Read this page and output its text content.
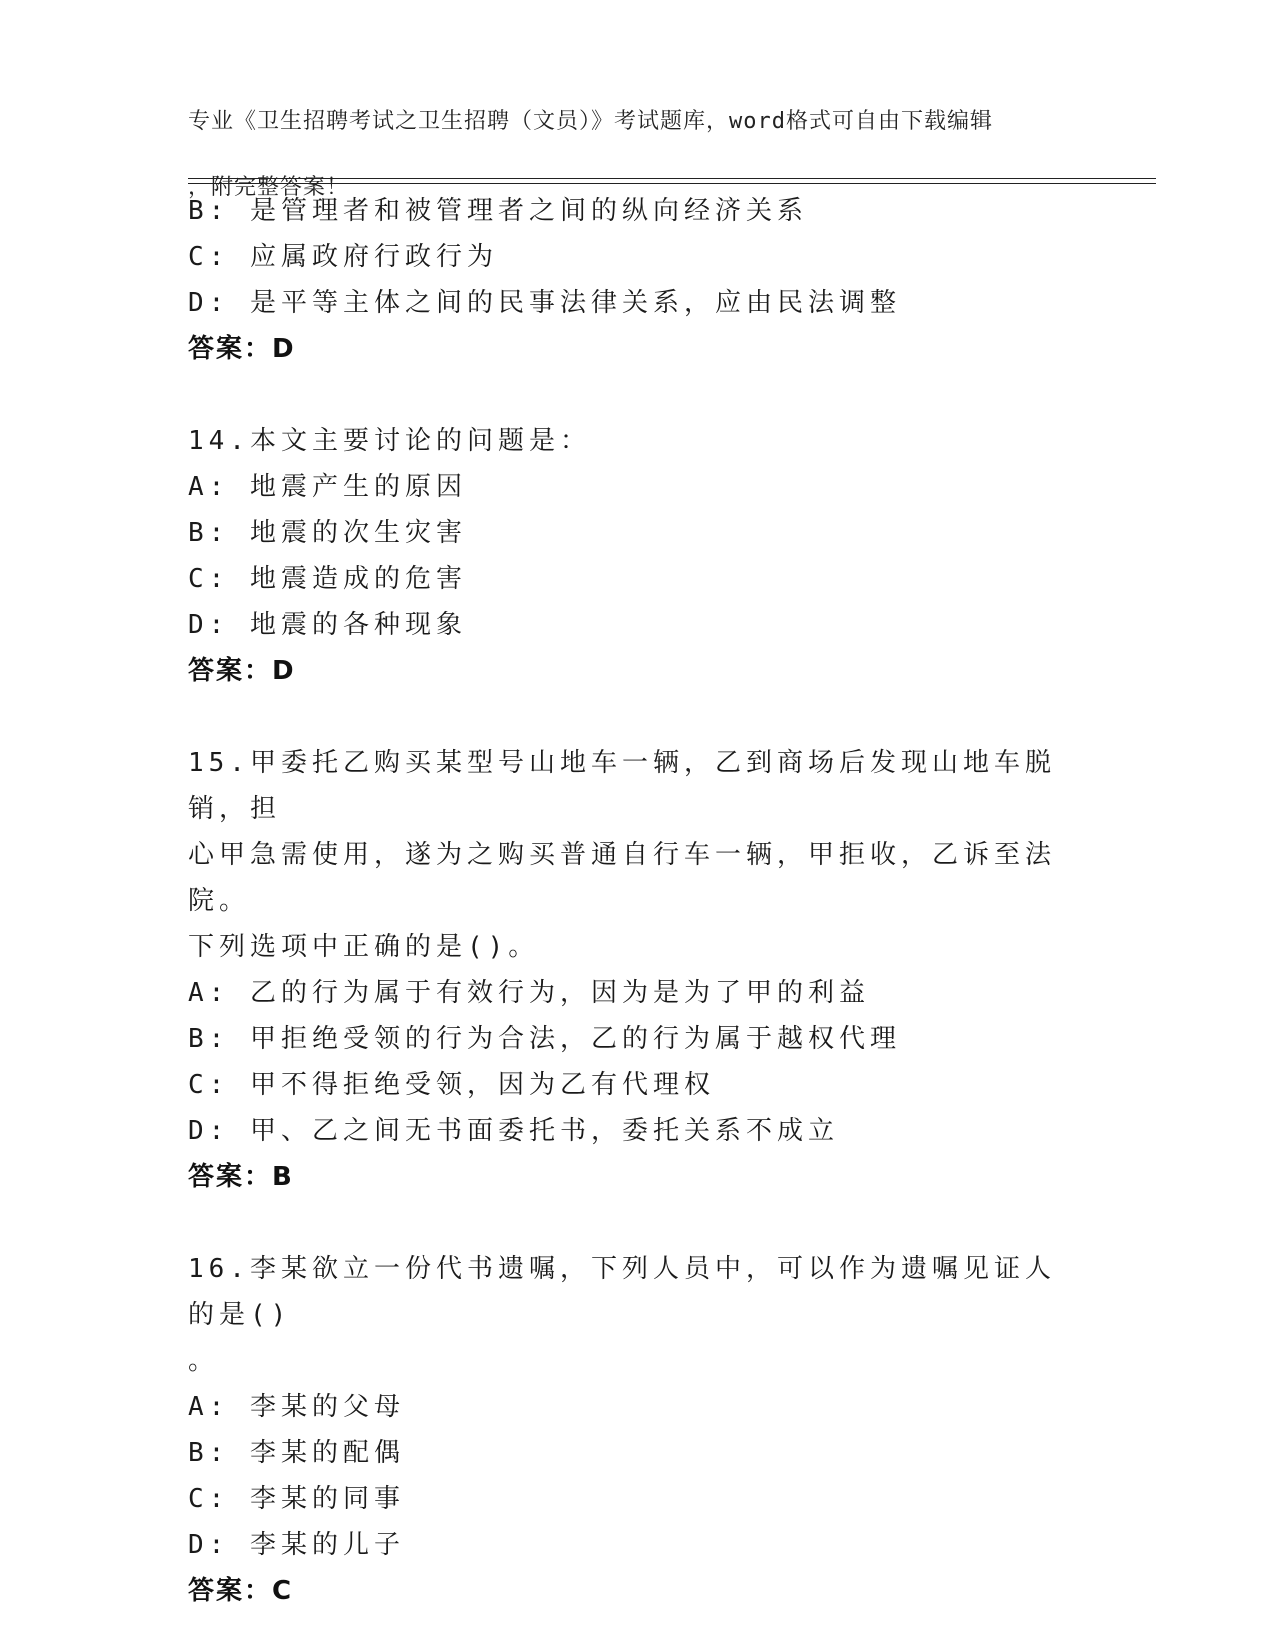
专业《卫生招聘考试之卫生招聘（文员）》考试题库，word格式可自由下载编辑

，附完整答案！

B: 是管理者和被管理者之间的纵向经济关系
C: 应属政府行政行为
D: 是平等主体之间的民事法律关系，应由民法调整
答案：D
14.本文主要讨论的问题是：
A: 地震产生的原因
B: 地震的次生灾害
C: 地震造成的危害
D: 地震的各种现象
答案：D
15.甲委托乙购买某型号山地车一辆，乙到商场后发现山地车脱销，担
心甲急需使用，遂为之购买普通自行车一辆，甲拒收，乙诉至法院。
下列选项中正确的是()。
A: 乙的行为属于有效行为，因为是为了甲的利益
B: 甲拒绝受领的行为合法，乙的行为属于越权代理
C: 甲不得拒绝受领，因为乙有代理权
D: 甲、乙之间无书面委托书，委托关系不成立
答案：B
16.李某欲立一份代书遗嘱，下列人员中，可以作为遗嘱见证人的是()
。
A: 李某的父母
B: 李某的配偶
C: 李某的同事
D: 李某的儿子
答案：C
